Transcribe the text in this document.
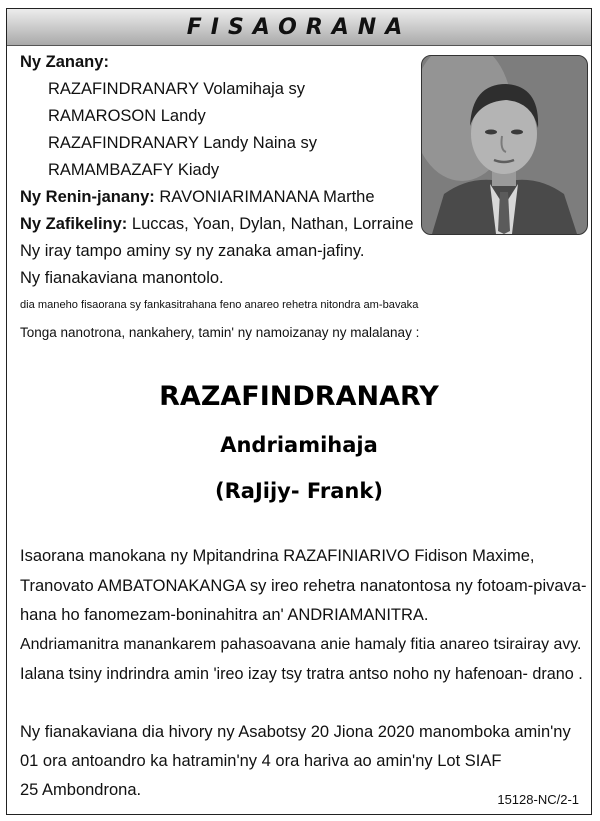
FISAORANA
Ny Zanany:
RAZAFINDRANARY Volamihaja sy
RAMAROSON Landy
RAZAFINDRANARY Landy Naina sy
RAMAMBAZAFY Kiady
Ny Renin-janany: RAVONIARIMANANA Marthe
Ny Zafikeliny: Luccas, Yoan, Dylan, Nathan, Lorraine
Ny iray tampo aminy sy ny zanaka aman-jafiny.
Ny fianakaviana manontolo.
dia maneho fisaorana sy fankasitrahana feno anareo rehetra nitondra am-bavaka
Tonga nanotrona, nankahery, tamin' ny namoizanay ny malalanay :
RAZAFINDRANARY
Andriamihaja
(RaJijy- Frank)
Isaorana manokana ny Mpitandrina RAZAFINIARIVO Fidison Maxime,
Tranovato AMBATONAKANGA sy ireo rehetra nanatontosa ny fotoam-pivava-
hana ho fanomezam-boninahitra an' ANDRIAMANITRA.
Andriamanitra manankarem pahasoavana anie hamaly fitia anareo tsirairay avy.
Ialana tsiny indrindra amin 'ireo izay tsy tratra antso noho ny hafenoan- drano .
Ny fianakaviana dia hivory ny Asabotsy 20 Jiona 2020 manomboka amin'ny
01 ora antoandro ka hatramin'ny 4 ora hariva ao amin'ny Lot SIAF
25 Ambondrona.
15128-NC/2-1
